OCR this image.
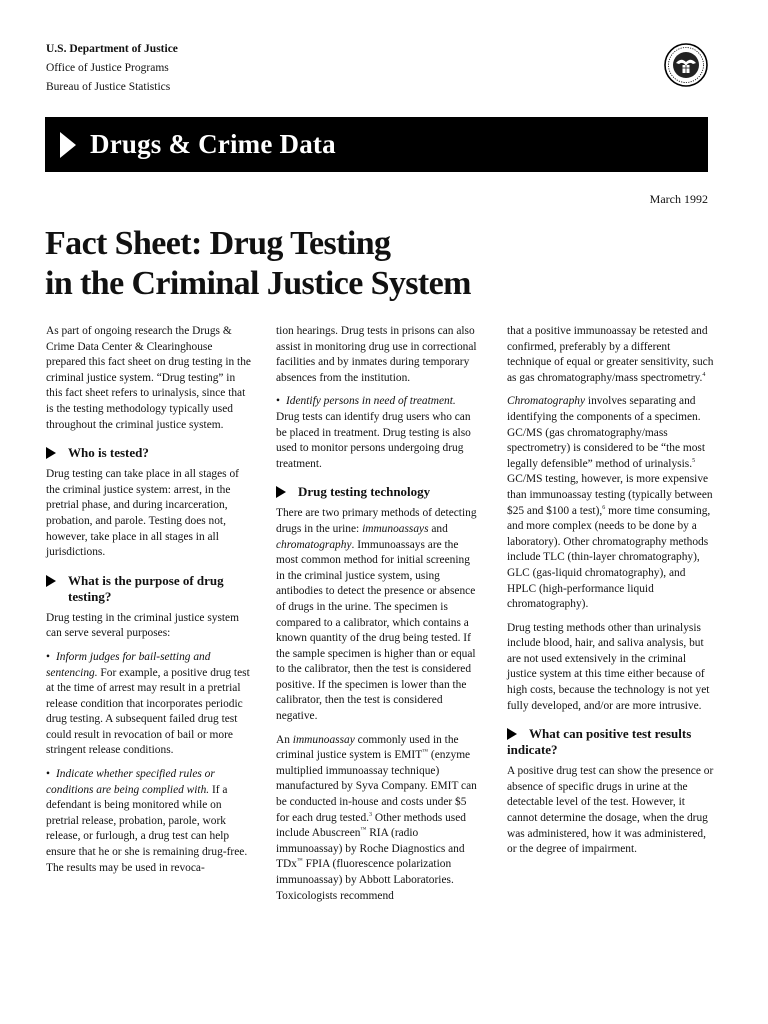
U.S. Department of Justice
Office of Justice Programs
Bureau of Justice Statistics
Drugs & Crime Data
March 1992
Fact Sheet: Drug Testing
in the Criminal Justice System

As part of ongoing research the Drugs & Crime Data Center & Clearinghouse prepared this fact sheet on drug testing in the criminal justice system. “Drug testing” in this fact sheet refers to urinalysis, since that is the testing methodology typically used throughout the criminal justice system.

Who is tested?

Drug testing can take place in all stages of the criminal justice system: arrest, in the pretrial phase, and during incarceration, probation, and parole. Testing does not, however, take place in all stages in all jurisdictions.

What is the purpose of drug testing?

Drug testing in the criminal justice system can serve several purposes:

• Inform judges for bail-setting and sentencing. For example, a positive drug test at the time of arrest may result in a pretrial release condition that incorporates periodic drug testing. A subsequent failed drug test could result in revocation of bail or more stringent release conditions.

• Indicate whether specified rules or conditions are being complied with. If a defendant is being monitored while on pretrial release, probation, parole, work release, or furlough, a drug test can help ensure that he or she is remaining drug-free. The results may be used in revoca-

tion hearings. Drug tests in prisons can also assist in monitoring drug use in correctional facilities and by inmates during temporary absences from the institution.

• Identify persons in need of treatment. Drug tests can identify drug users who can be placed in treatment. Drug testing is also used to monitor persons undergoing drug treatment.

Drug testing technology

There are two primary methods of detecting drugs in the urine: immunoassays and chromatography. Immunoassays are the most common method for initial screening in the criminal justice system, using antibodies to detect the presence or absence of drugs in the urine. The specimen is compared to a calibrator, which contains a known quantity of the drug being tested. If the sample specimen is higher than or equal to the calibrator, then the test is considered positive. If the specimen is lower than the calibrator, then the test is considered negative.

An immunoassay commonly used in the criminal justice system is EMIT™ (enzyme multiplied immunoassay technique) manufactured by Syva Company. EMIT can be conducted in-house and costs under $5 for each drug tested.$^3$ Other methods used include Abuscreen™ RIA (radio immunoassay) by Roche Diagnostics and TDx™ FPIA (fluorescence polarization immunoassay) by Abbott Laboratories. Toxicologists recommend

that a positive immunoassay be retested and confirmed, preferably by a different technique of equal or greater sensitivity, such as gas chromatography/mass spectrometry.$^4$

Chromatography involves separating and identifying the components of a specimen. GC/MS (gas chromatography/mass spectrometry) is considered to be “the most legally defensible” method of urinalysis.$^5$ GC/MS testing, however, is more expensive than immunoassay testing (typically between $25 and $100 a test),$^6$ more time consuming, and more complex (needs to be done by a laboratory). Other chromatography methods include TLC (thin-layer chromatography), GLC (gas-liquid chromatography), and HPLC (high-performance liquid chromatography).

Drug testing methods other than urinalysis include blood, hair, and saliva analysis, but are not used extensively in the criminal justice system at this time either because of high costs, because the technology is not yet fully developed, and/or are more intrusive.

What can positive test results indicate?

A positive drug test can show the presence or absence of specific drugs in urine at the detectable level of the test. However, it cannot determine the dosage, when the drug was administered, how it was administered, or the degree of impairment.
